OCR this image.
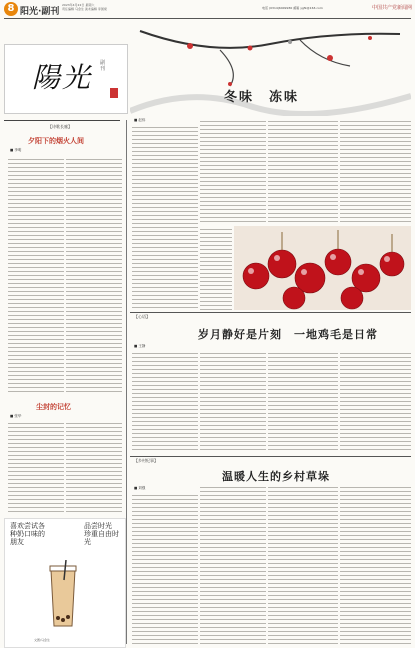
8 阳光·副刊
2023年4月22日 星期六
责任编辑 马金生 美术编辑 李国梁	电话 (0314)6909930 邮箱 ygfk@163.com	中国共产党新闻网
陽光 副刊
冬味　冻味
【诗歌长廊】
夕阳下的烟火人间
■ 李明
尘封的记忆
■ 张华
喜欢尝试各种奶口味的朋友
品尝时光　珍重自由时光
文图/马金生
■ 赵伟
【心语】
岁月静好是片刻　一地鸡毛是日常
■ 王静
【乡村纪事】
温暖人生的乡村草垛
■ 刘强
